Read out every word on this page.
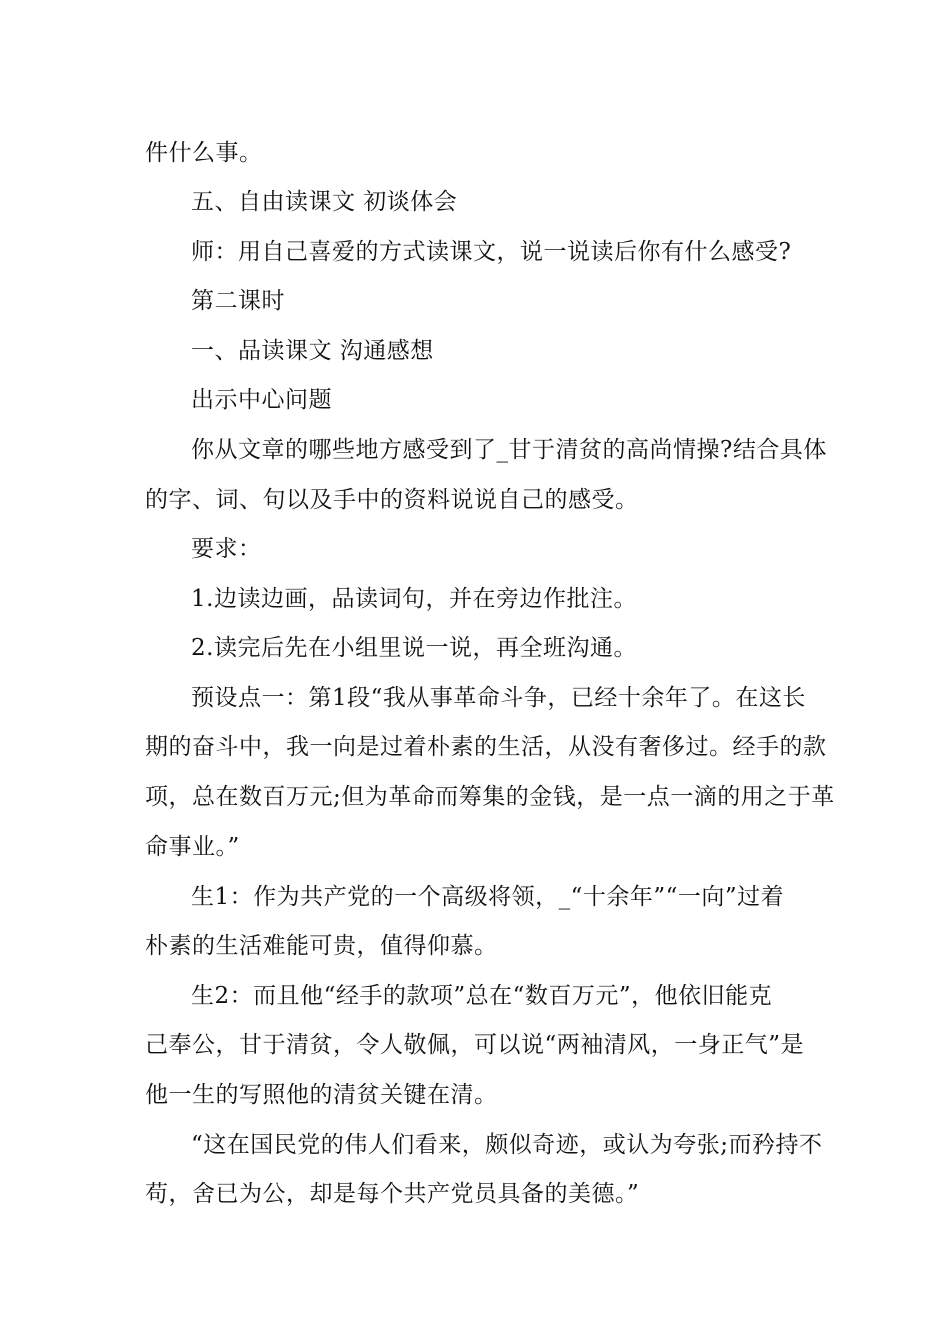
件什么事。
五、自由读课文 初谈体会
师：用自己喜爱的方式读课文，说一说读后你有什么感受?
第二课时
一、品读课文 沟通感想
出示中心问题
你从文章的哪些地方感受到了_甘于清贫的高尚情操?结合具体
的字、词、句以及手中的资料说说自己的感受。
要求：
1.边读边画，品读词句，并在旁边作批注。
2.读完后先在小组里说一说，再全班沟通。
预设点一：第1段“我从事革命斗争，已经十余年了。在这长
期的奋斗中，我一向是过着朴素的生活，从没有奢侈过。经手的款
项，总在数百万元;但为革命而筹集的金钱，是一点一滴的用之于革
命事业。”
生1：作为共产党的一个高级将领，_“十余年”“一向”过着
朴素的生活难能可贵，值得仰慕。
生2：而且他“经手的款项”总在“数百万元”，他依旧能克
己奉公，甘于清贫，令人敬佩，可以说“两袖清风，一身正气”是
他一生的写照他的清贫关键在清。
“这在国民党的伟人们看来，颇似奇迹，或认为夸张;而矜持不
苟，舍已为公，却是每个共产党员具备的美德。”
